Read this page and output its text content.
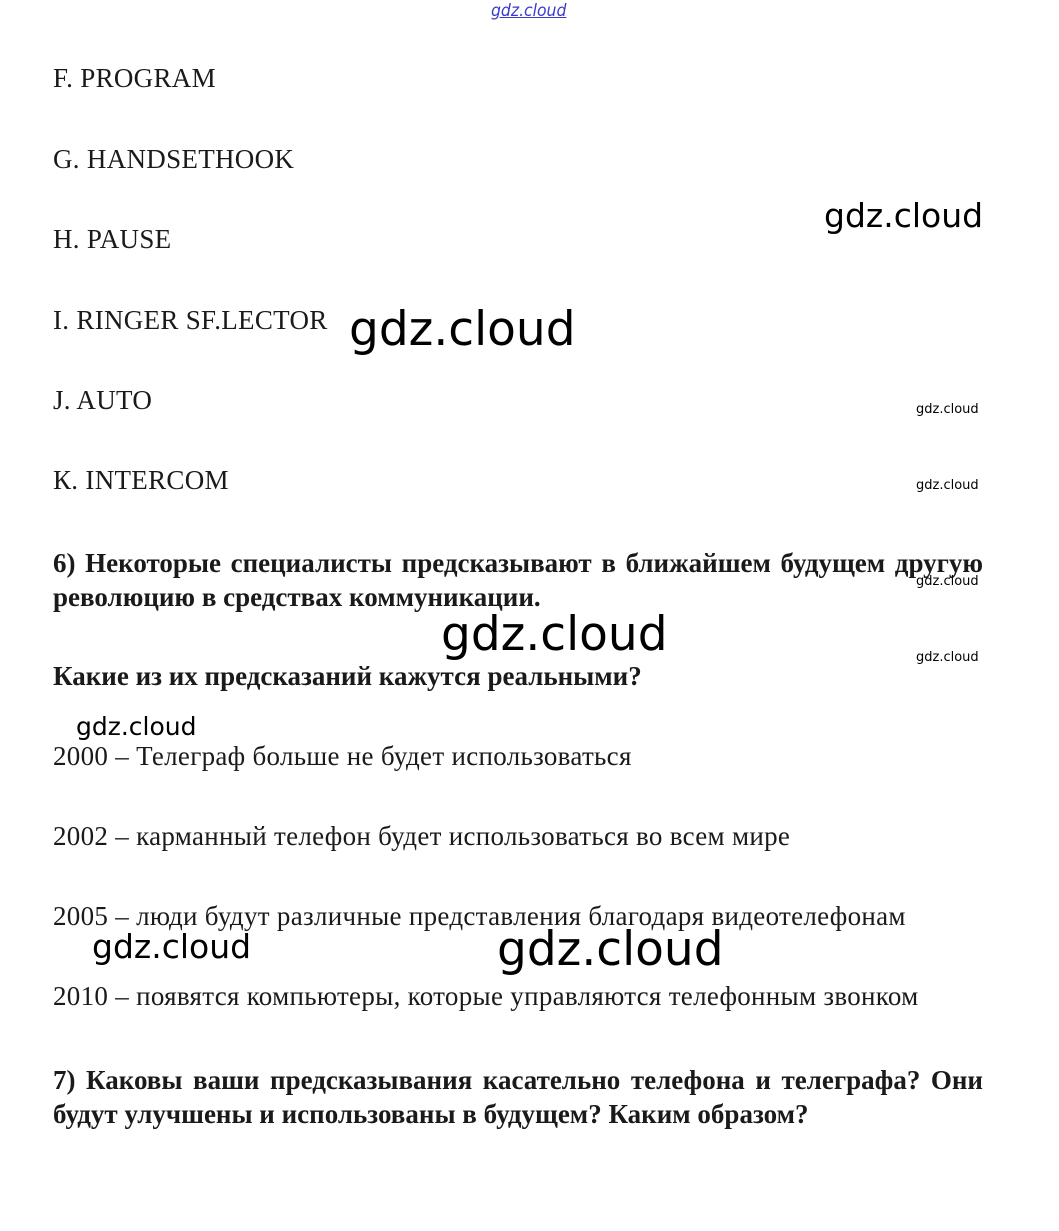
gdz.cloud
F. PROGRAM
G. HANDSETHOOK
H. PAUSE
I. RINGER SF.LECTOR
J. AUTO
К. INTERCOM
6) Некоторые специалисты предсказывают в ближайшем будущем другую революцию в средствах коммуникации.
Какие из их предсказаний кажутся реальными?
2000 – Телеграф больше не будет использоваться
2002 – карманный телефон будет использоваться во всем мире
2005 – люди будут различные представления благодаря видеотелефонам
2010 – появятся компьютеры, которые управляются телефонным звонком
7) Каковы ваши предсказывания касательно телефона и телеграфа? Они будут улучшены и использованы в будущем? Каким образом?
gdz.cloud
gdz.cloud
gdz.cloud
gdz.cloud
gdz.cloud
gdz.cloud	gdz.cloud
gdz.cloud
gdz.cloud	gdz.cloud
